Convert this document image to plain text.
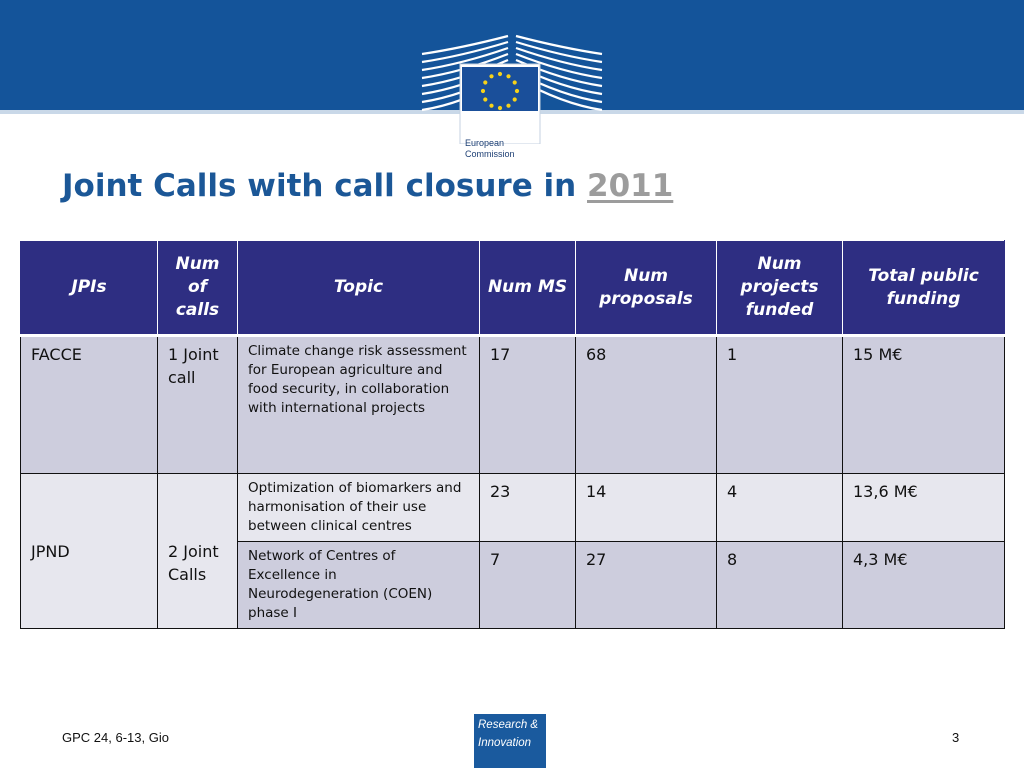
European
Commission
Joint Calls with call closure in 2011
JPIs	Num of calls	Topic	Num MS	Num proposals	Num projects funded	Total public funding
FACCE	1 Joint call	Climate change risk assessment for European agriculture and food security, in collaboration with international projects	17	68	1	15 M€
JPND	2 Joint Calls	Optimization of biomarkers and harmonisation of their use between clinical centres	23	14	4	13,6 M€
		Network of Centres of Excellence in Neurodegeneration (COEN) phase I	7	27	8	4,3 M€
GPC 24, 6-13, Gio
Research &
Innovation	3
